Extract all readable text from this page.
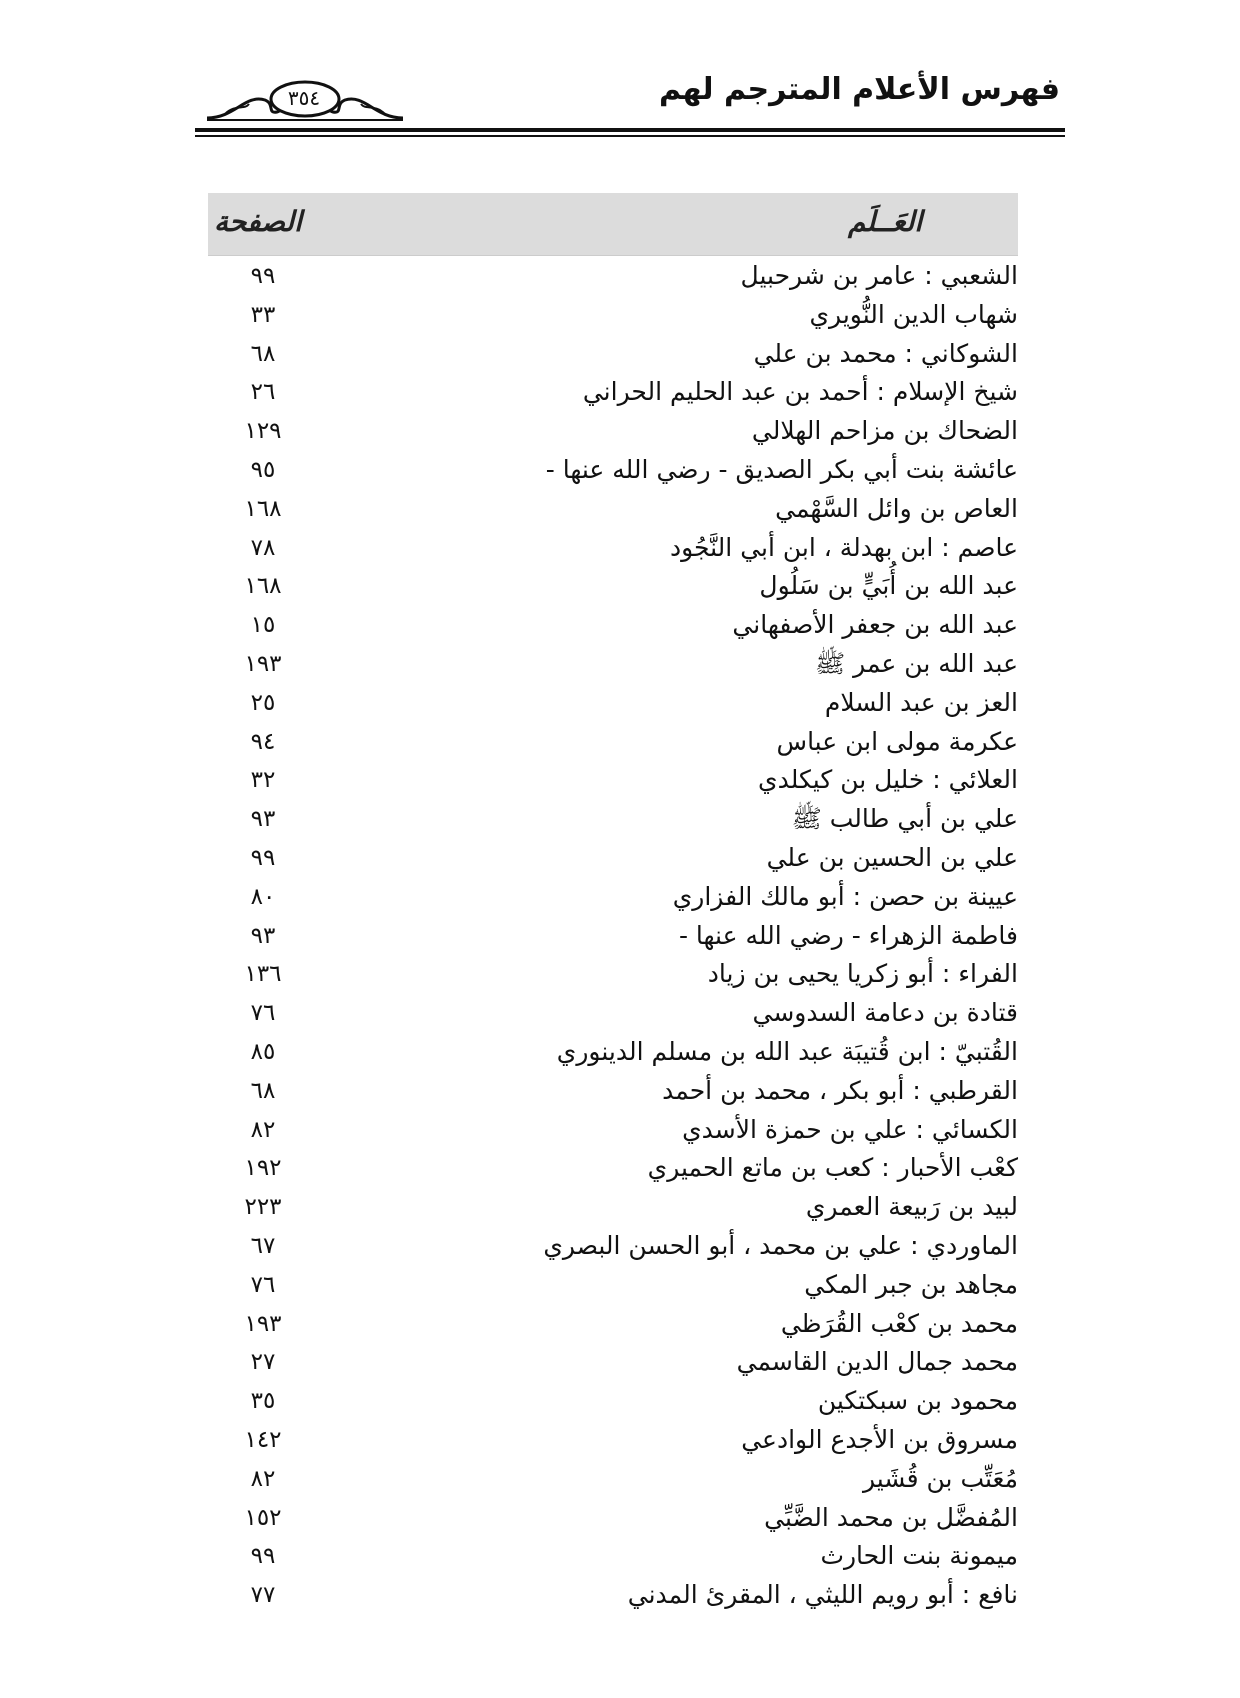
فهرس الأعلام المترجم لهم
٣٥٤
العَــلَم
الصفحة
الشعبي : عامر بن شرحبيل
٩٩
شهاب الدين النُّويري
٣٣
الشوكاني : محمد بن علي
٦٨
شيخ الإسلام : أحمد بن عبد الحليم الحراني
٢٦
الضحاك بن مزاحم الهلالي
١٢٩
عائشة بنت أبي بكر الصديق - رضي الله عنها -
٩٥
العاص بن وائل السَّهْمي
١٦٨
عاصم : ابن بهدلة ، ابن أبي النَّجُود
٧٨
عبد الله بن أُبَيٍّ بن سَلُول
١٦٨
عبد الله بن جعفر الأصفهاني
١٥
عبد الله بن عمر ﷺ
١٩٣
العز بن عبد السلام
٢٥
عكرمة مولى ابن عباس
٩٤
العلائي : خليل بن كيكلدي
٣٢
علي بن أبي طالب ﷺ
٩٣
علي بن الحسين بن علي
٩٩
عيينة بن حصن : أبو مالك الفزاري
٨٠
فاطمة الزهراء - رضي الله عنها -
٩٣
الفراء : أبو زكريا يحيى بن زياد
١٣٦
قتادة بن دعامة السدوسي
٧٦
القُتبيّ : ابن قُتيبَة عبد الله بن مسلم الدينوري
٨٥
القرطبي : أبو بكر ، محمد بن أحمد
٦٨
الكسائي : علي بن حمزة الأسدي
٨٢
كعْب الأحبار : كعب بن ماتع الحميري
١٩٢
لبيد بن رَبيعة العمري
٢٢٣
الماوردي : علي بن محمد ، أبو الحسن البصري
٦٧
مجاهد بن جبر المكي
٧٦
محمد بن كعْب القُرَظي
١٩٣
محمد جمال الدين القاسمي
٢٧
محمود بن سبكتكين
٣٥
مسروق بن الأجدع الوادعي
١٤٢
مُعَتِّب بن قُشَير
٨٢
المُفضَّل بن محمد الضَّبِّي
١٥٢
ميمونة بنت الحارث
٩٩
نافع : أبو رويم الليثي ، المقرئ المدني
٧٧
